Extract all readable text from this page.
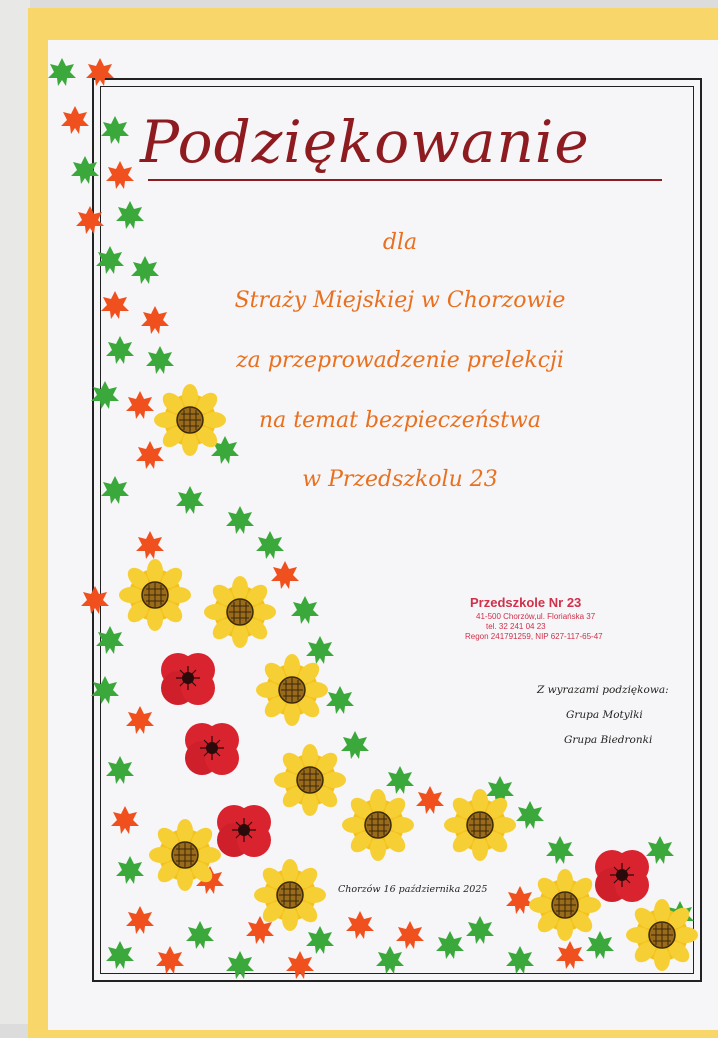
Podziękowanie
dla
Straży Miejskiej w Chorzowie
za przeprowadzenie prelekcji
na temat bezpieczeństwa
w Przedszkolu 23
Przedszkole Nr 23
41-500 Chorzów,ul. Floriańska 37
tel. 32 241 04 23
Regon 241791259, NIP 627-117-65-47
Z wyrazami podziękowa:
Grupa Motylki
Grupa Biedronki
Chorzów 16 października 2025
